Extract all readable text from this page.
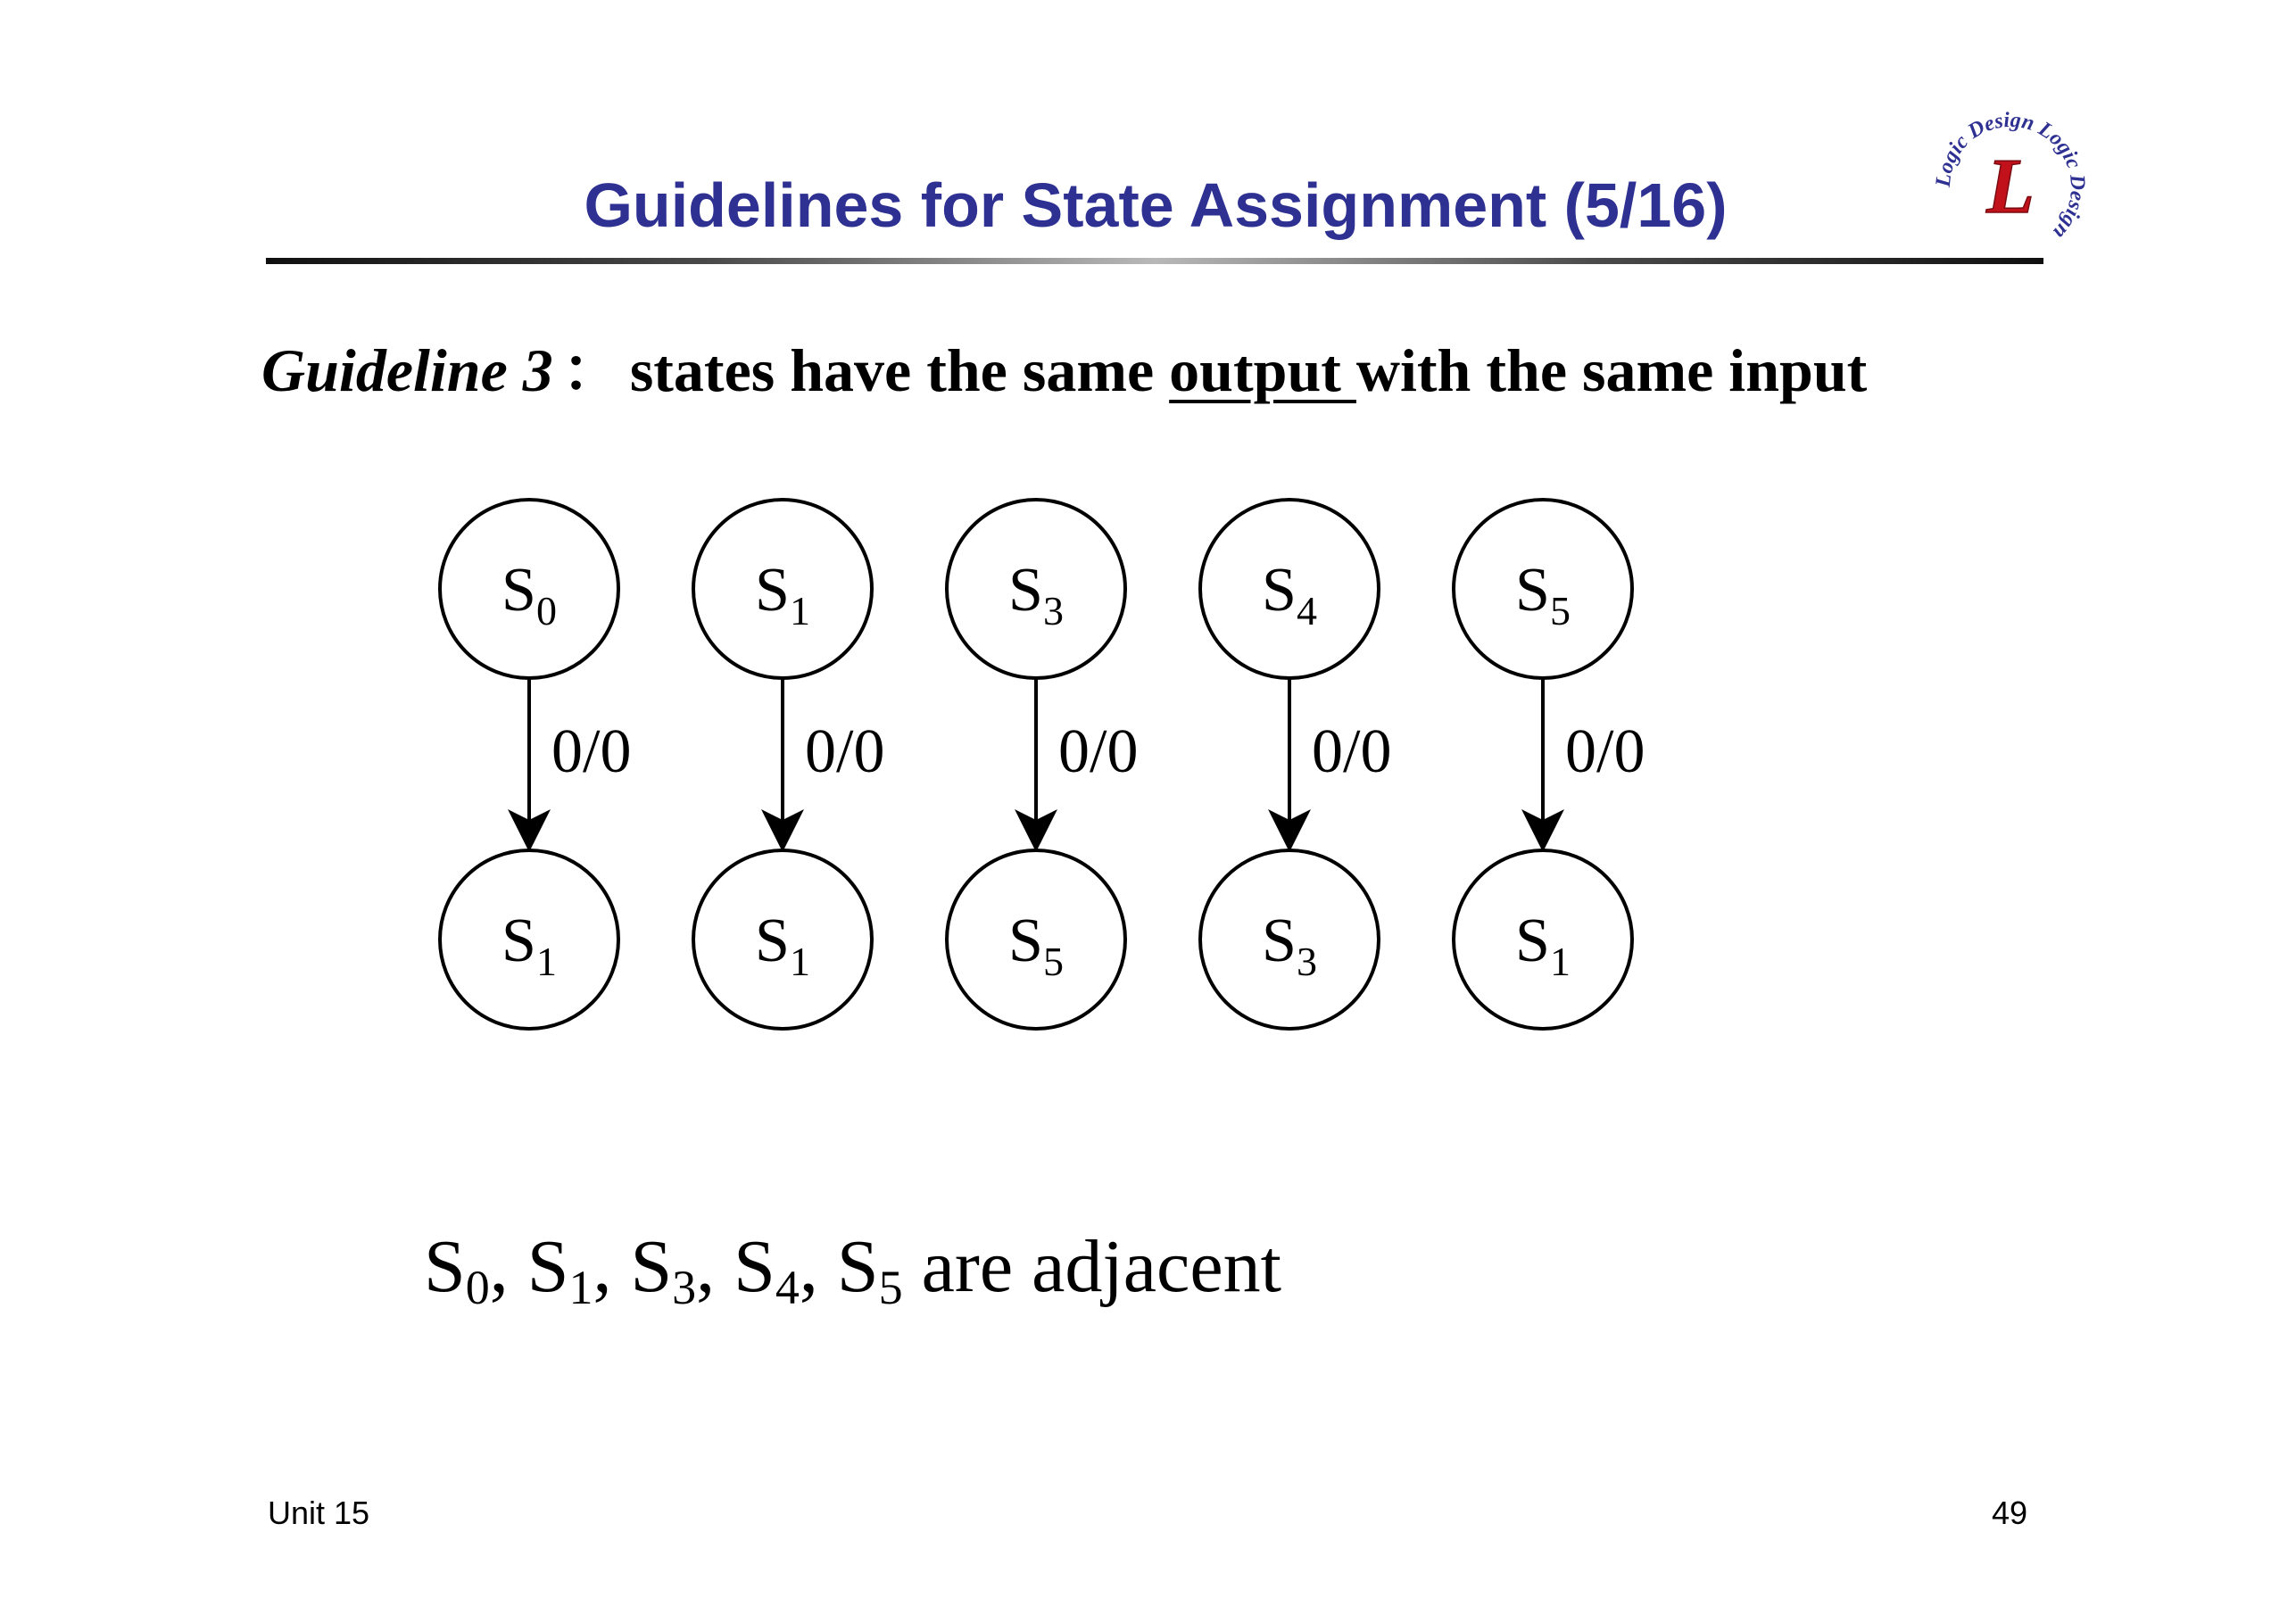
Guidelines for State Assignment (5/16)	Logic Design Logic Design
L
Guideline 3 ： states have the same output with the same input
$S_0$
0/0
$S_1$
$S_1$
0/0
$S_1$
$S_3$
0/0
$S_5$
$S_4$
0/0
$S_3$
$S_5$
0/0
$S_1$
$S_0$, $S_1$, $S_3$, $S_4$, $S_5$ are adjacent
Unit 15	49
